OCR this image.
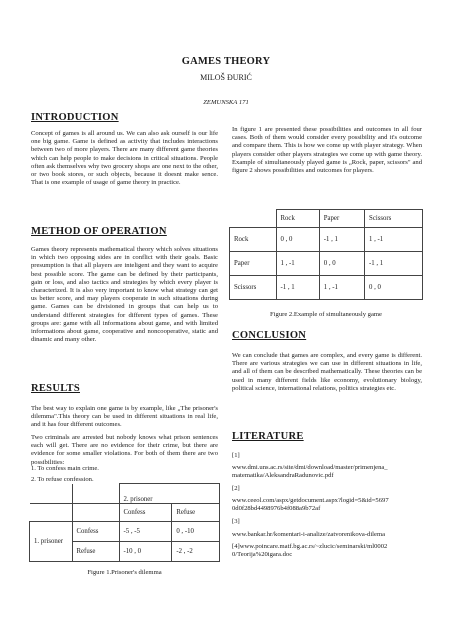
GAMES THEORY
MILOŠ ĐURIĆ
ZEMUNSKA 171
INTRODUCTION

Concept of games is all around us. We can also ask ourself is our life one big game. Game is defined as activity that includes interactions between two of more players. There are many different game theories which can help people to make decisions in critical situations. People often ask themselves why two grocery shops are one next to the other, or two book stores, or such objects, because it doesnt make sence. That is one example of usage of game theory in practice.

METHOD OF OPERATION

Games theory represents mathematical theory which solves situations in which two opposing sides are in conflict with their goals. Basic presumption is that all players are inteligent and they want to acquire best possible score. The game can be defined by their participants, gain or loss, and also tactics and strategies by which every player is characterized. It is also very important to know what strategy can get us better score, and may players cooperate in such situations during game. Games can be divisioned in groups that can help us to understand different strategies for different types of games. These groups are: game with all informations about game, and with limited informations about game, cooperative and noncooperative, static and dinamic and many other.

RESULTS

The best way to explain one game is by example, like „The prisoner's dilemma".This theory can be used in different situations in real life, and it has four different outcomes.

Two criminals are arrested but nobody knows what prison sentences each will get. There are no evidence for their crime, but there are evidence for some smaller violations. For both of them there are two possibilities:

1. To confess main crime.

2. To refuse confession.

		2. prisoner	
		Confess	Refuse
1. prisoner	Confess	-5 , -5	0 , -10
	Refuse	-10 , 0	-2 , -2
Figure 1.Prisoner's dilemma

In figure 1 are presented these possibilities and outcomes in all four cases. Both of them would consider every possibility and it's outcome and compare them. This is how we come up with player strategy. When players consider other players strategies we come up with game theory. Example of simultaneously played game is „Rock, paper, scissors" and figure 2 shows possibilities and outcomes for players.

	Rock	Paper	Scissors
Rock	0 , 0	-1 , 1	1 , -1
Paper	1 , -1	0 , 0	-1 , 1
Scissors	-1 , 1	1 , -1	0 , 0
Figure 2.Example of simultaneously game
CONCLUSION

We can conclude that games are complex, and every game is different. There are various strategies we can use in different situations in life, and all of them can be described mathematically. These theories can be used in many different fields like economy, evolutionary biology, political science, international relations, politics strategies etc.

LITERATURE

[1]

www.dmi.uns.ac.rs/site/dmi/download/master/primenjena_ matematika/AleksandraRadunovic.pdf

[2]

www.ceeol.com/aspx/getdocument.aspx?logid=5&id=5697 0d0f28bd4498976b4f088a9b72af

[3]

www.bankar.hr/komentari-i-analize/zatvorenikova-dilema

[4]www.poincare.matf.bg.ac.rs/~zlucic/seminarski/ml0002 0/Teorija%20igara.doc
